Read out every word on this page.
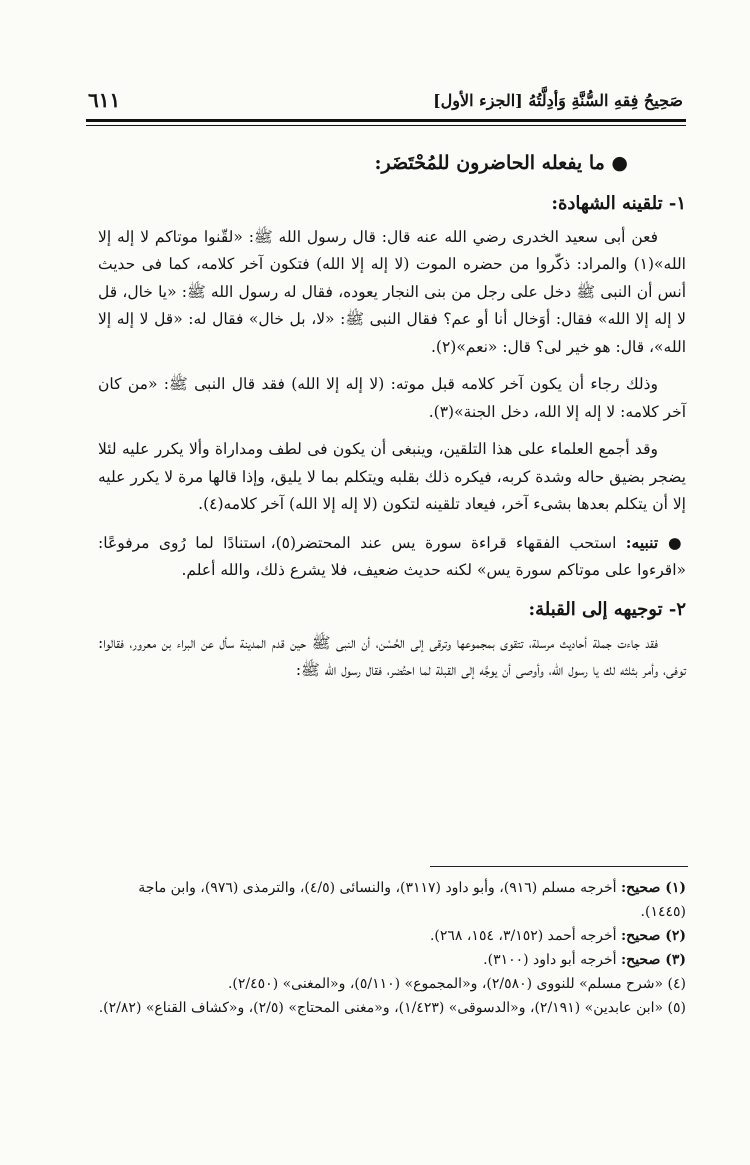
٦١١	صَحِيحُ فِقهِ السُّنَّةِ وَأدِلَّتُهُ [الجزء الأول]
● ما يفعله الحاضرون للمُحْتَضَر:
١- تلقينه الشهادة:

فعن أبى سعيد الخدرى رضي الله عنه قال: قال رسول الله ﷺ: «لقّنوا موتاكم لا إله إلا الله»(١) والمراد: ذكّروا من حضره الموت (لا إله إلا الله) فتكون آخر كلامه، كما فى حديث أنس أن النبى ﷺ دخل على رجل من بنى النجار يعوده، فقال له رسول الله ﷺ: «يا خال، قل لا إله إلا الله» فقال: أوَخال أنا أو عم؟ فقال النبى ﷺ: «لا، بل خال» فقال له: «قل لا إله إلا الله»، قال: هو خير لى؟ قال: «نعم»(٢).

وذلك رجاء أن يكون آخر كلامه قبل موته: (لا إله إلا الله) فقد قال النبى ﷺ: «من كان آخر كلامه: لا إله إلا الله، دخل الجنة»(٣).

وقد أجمع العلماء على هذا التلقين، وينبغى أن يكون فى لطف ومداراة وألا يكرر عليه لئلا يضجر بضيق حاله وشدة كربه، فيكره ذلك بقلبه ويتكلم بما لا يليق، وإذا قالها مرة لا يكرر عليه إلا أن يتكلم بعدها بشىء آخر، فيعاد تلقينه لتكون (لا إله إلا الله) آخر كلامه(٤).

● تنبيه: استحب الفقهاء قراءة سورة يس عند المحتضر(٥)، استنادًا لما رُوى مرفوعًا: «اقرءوا على موتاكم سورة يس» لكنه حديث ضعيف، فلا يشرع ذلك، والله أعلم.

٢- توجيهه إلى القبلة:

فقد جاءت جملة أحاديث مرسلة، تتقوى بمجموعها وترقى إلى الحُسْن، أن النبى ﷺ حين قدم المدينة سأل عن البراء بن معرور، فقالوا: توفى، وأمر بثلثه لك يا رسول الله، وأوصى أن يوجَّه إلى القبلة لما احتُضر، فقال رسول الله ﷺ:

(١) صحيح: أخرجه مسلم (٩١٦)، وأبو داود (٣١١٧)، والنسائى (٤/٥)، والترمذى (٩٧٦)، وابن ماجة (١٤٤٥).

(٢) صحيح: أخرجه أحمد (٣/١٥٢، ١٥٤، ٢٦٨).

(٣) صحيح: أخرجه أبو داود (٣١٠٠).

(٤) «شرح مسلم» للنووى (٢/٥٨٠)، و«المجموع» (٥/١١٠)، و«المغنى» (٢/٤٥٠).

(٥) «ابن عابدين» (٢/١٩١)، و«الدسوقى» (١/٤٢٣)، و«مغنى المحتاج» (٢/٥)، و«كشاف القناع» (٢/٨٢).
